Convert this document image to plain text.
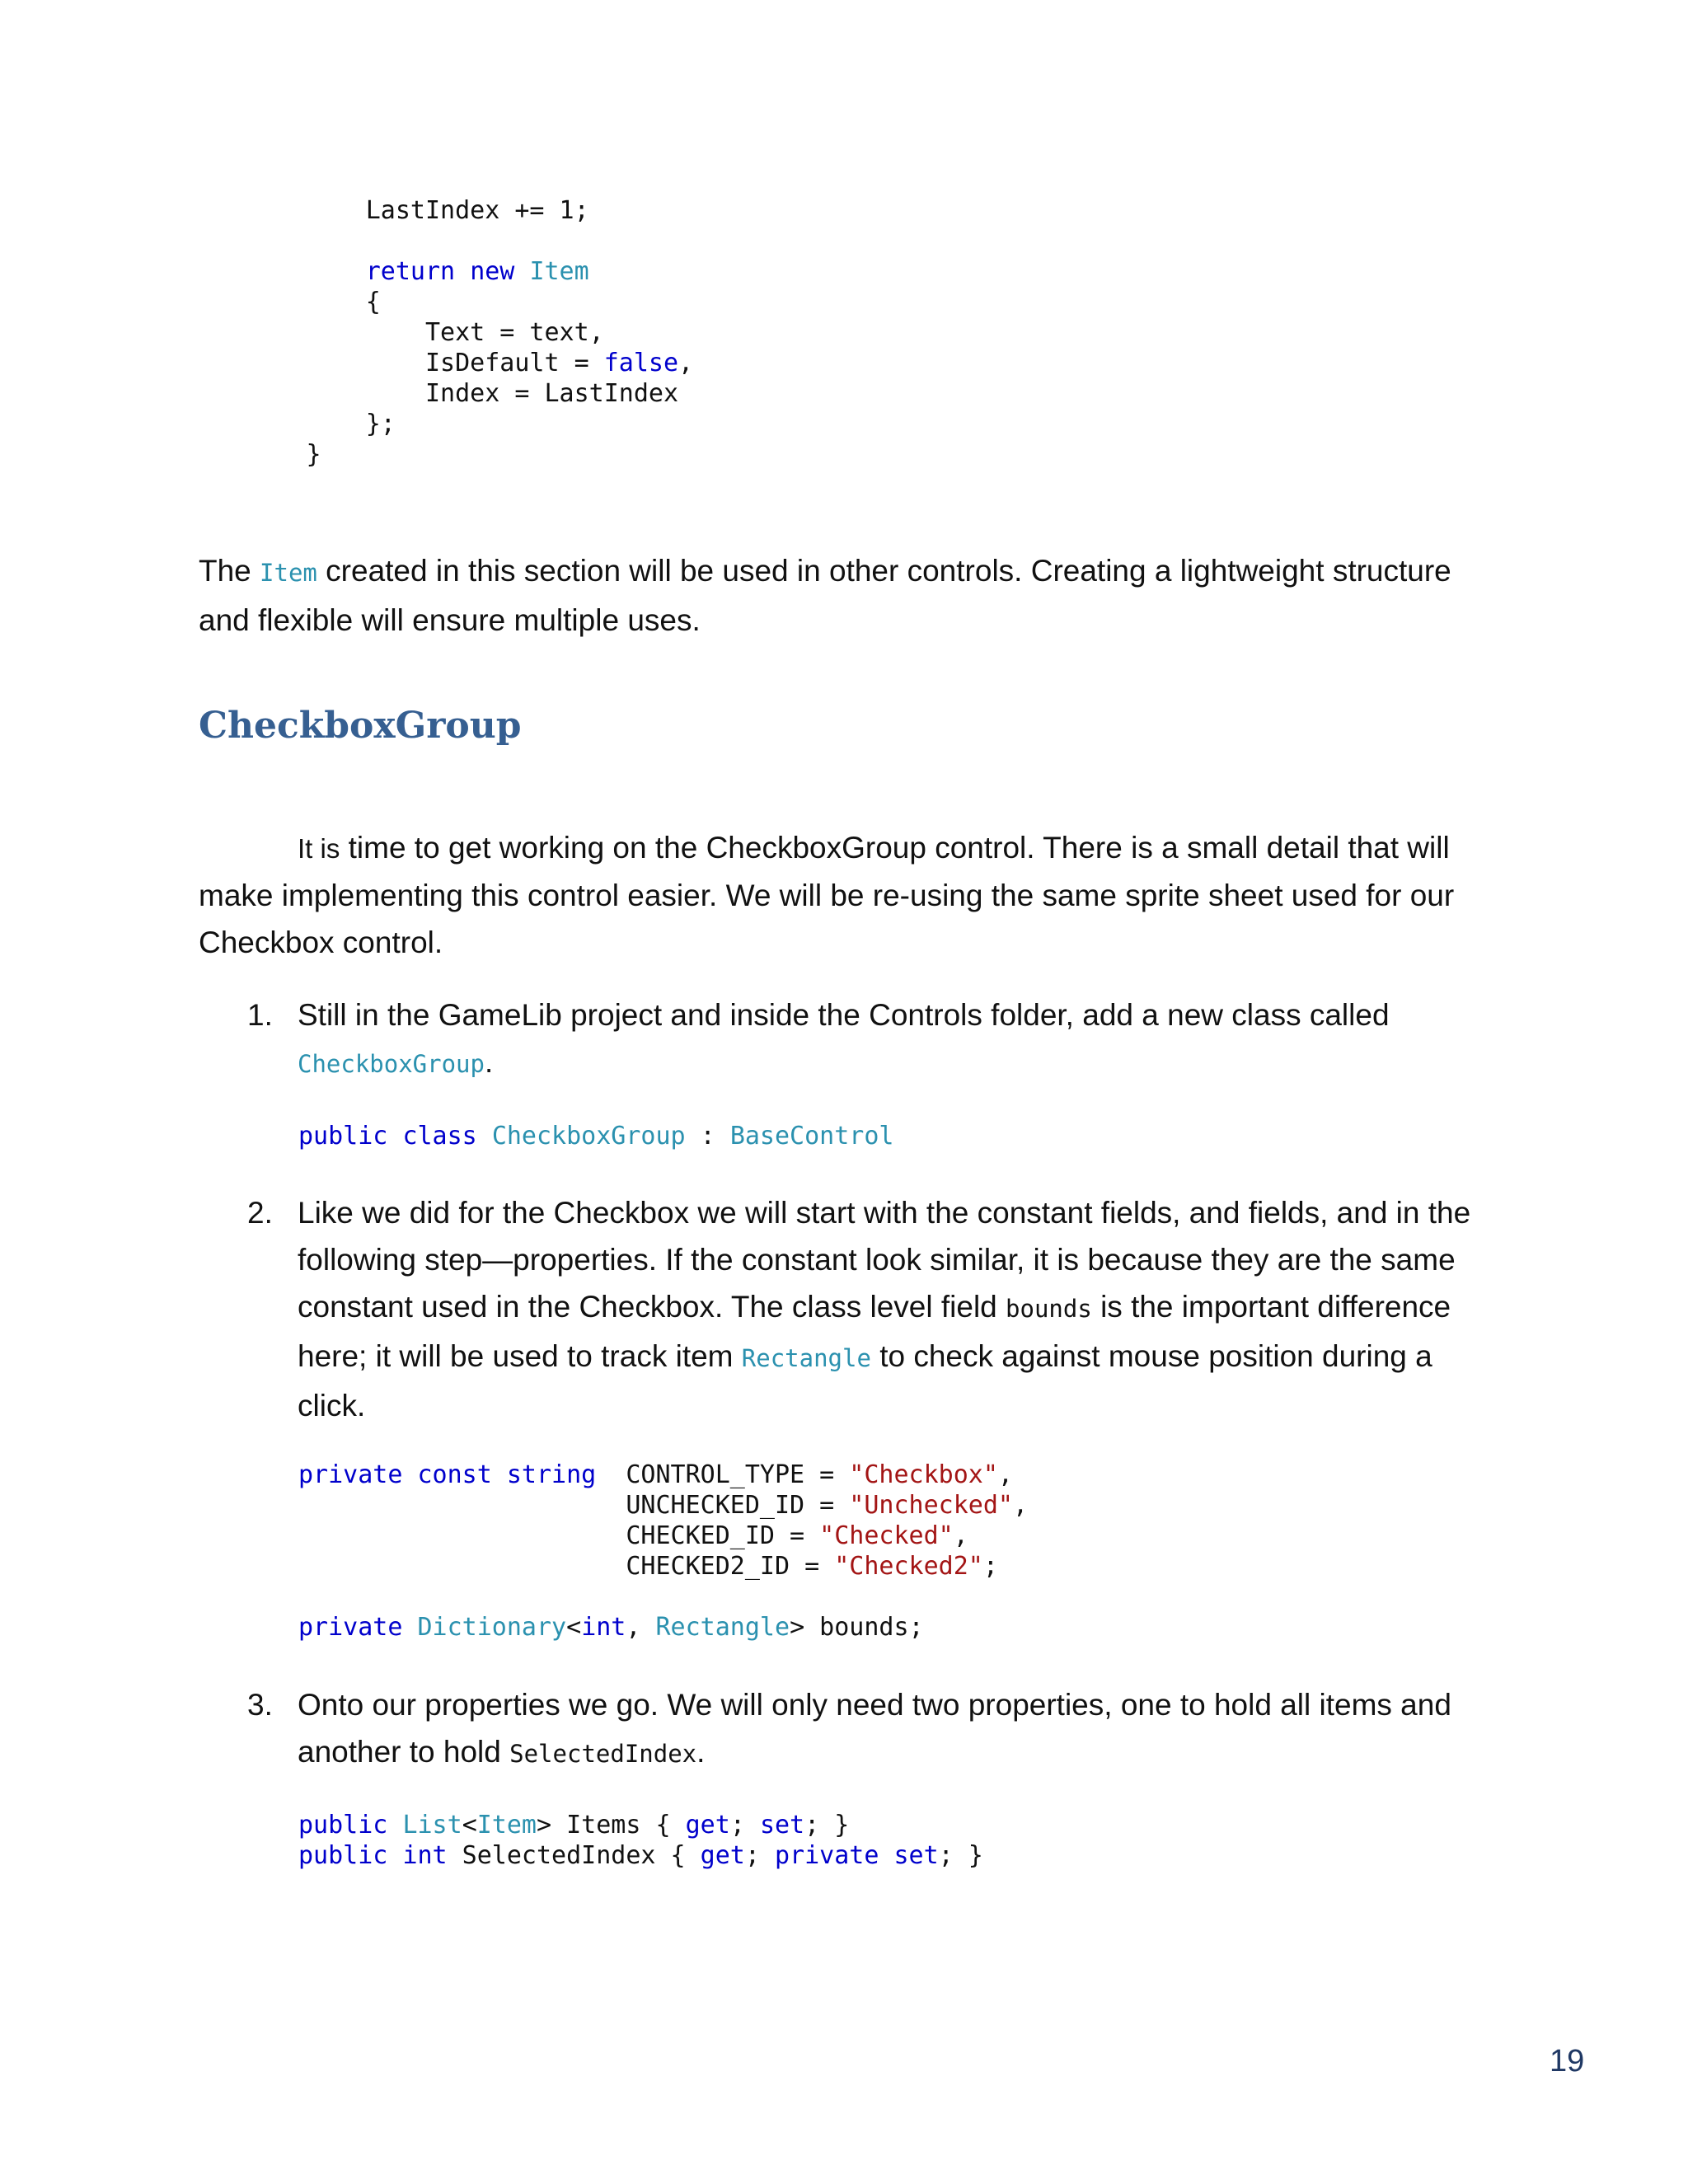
LastIndex += 1;

return new Item
{
Text = text,
IsDefault = false,
Index = LastIndex
};
}

The Item created in this section will be used in other controls. Creating a lightweight structure and flexible will ensure multiple uses.

CheckboxGroup

It is time to get working on the CheckboxGroup control. There is a small detail that will make implementing this control easier. We will be re-using the same sprite sheet used for our Checkbox control.

1. Still in the GameLib project and inside the Controls folder, add a new class called CheckboxGroup.
public class CheckboxGroup : BaseControl
2. Like we did for the Checkbox we will start with the constant fields, and fields, and in the following step—properties. If the constant look similar, it is because they are the same constant used in the Checkbox. The class level field bounds is the important difference here; it will be used to track item Rectangle to check against mouse position during a click.
private const string  CONTROL_TYPE = "Checkbox",
UNCHECKED_ID = "Unchecked",
CHECKED_ID = "Checked",
CHECKED2_ID = "Checked2";

private Dictionary<int, Rectangle> bounds;
3. Onto our properties we go. We will only need two properties, one to hold all items and another to hold SelectedIndex.
public List<Item> Items { get; set; }
public int SelectedIndex { get; private set; }
19
